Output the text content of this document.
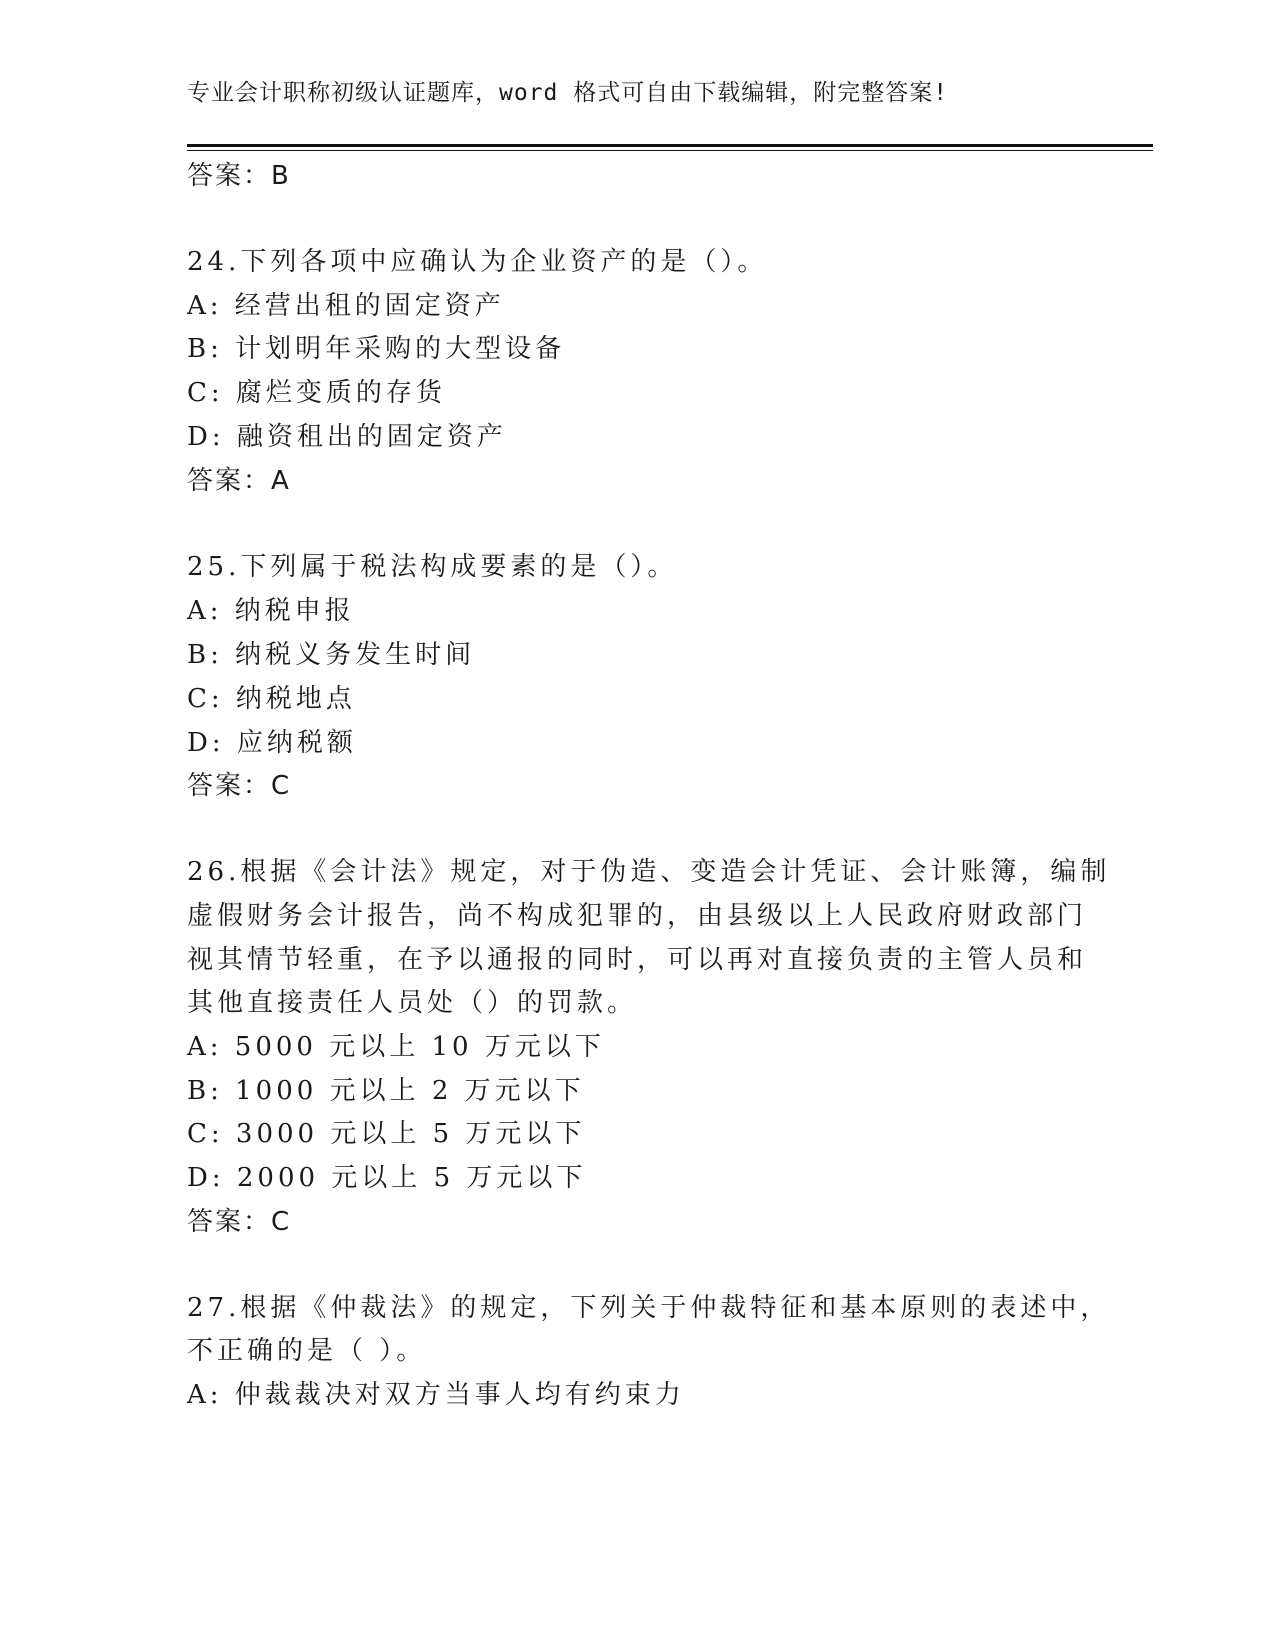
专业会计职称初级认证题库，word 格式可自由下载编辑，附完整答案!
答案：B
24.下列各项中应确认为企业资产的是（）。
A: 经营出租的固定资产
B: 计划明年采购的大型设备
C: 腐烂变质的存货
D: 融资租出的固定资产
答案：A
25.下列属于税法构成要素的是（）。
A: 纳税申报
B: 纳税义务发生时间
C: 纳税地点
D: 应纳税额
答案：C
26.根据《会计法》规定，对于伪造、变造会计凭证、会计账簿，编制
虚假财务会计报告，尚不构成犯罪的，由县级以上人民政府财政部门
视其情节轻重，在予以通报的同时，可以再对直接负责的主管人员和
其他直接责任人员处（）的罚款。
A: 5000 元以上 10 万元以下
B: 1000 元以上 2 万元以下
C: 3000 元以上 5 万元以下
D: 2000 元以上 5 万元以下
答案：C
27.根据《仲裁法》的规定，下列关于仲裁特征和基本原则的表述中，
不正确的是（ ）。
A: 仲裁裁决对双方当事人均有约束力
